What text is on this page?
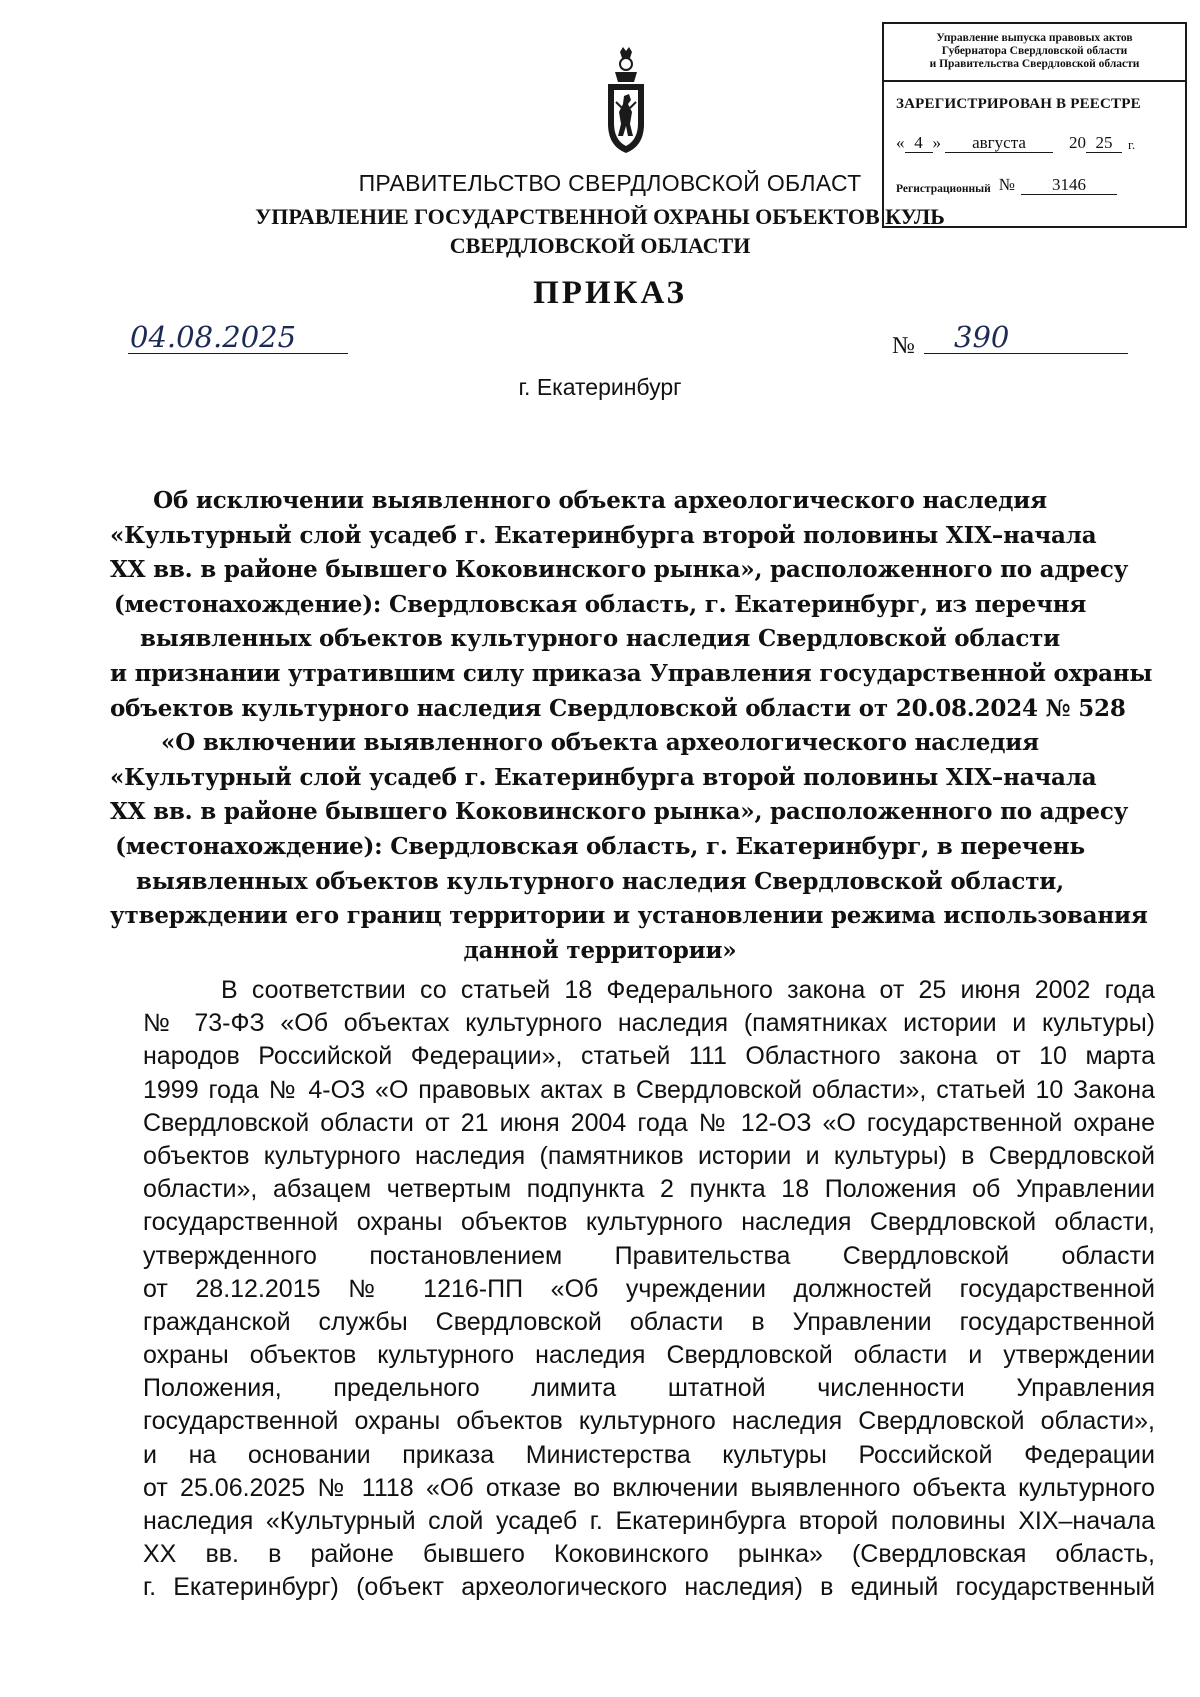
Управление выпуска правовых актов
Губернатора Свердловской области
и Правительства Свердловской области
ЗАРЕГИСТРИРОВАН В РЕЕСТРЕ
« 4 »	августа	20 25	г.
Регистрационный №	3146
ПРАВИТЕЛЬСТВО СВЕРДЛОВСКОЙ ОБЛАСТ
УПРАВЛЕНИЕ ГОСУДАРСТВЕННОЙ ОХРАНЫ ОБЪЕКТОВ КУЛЬ
СВЕРДЛОВСКОЙ ОБЛАСТИ
ПРИКАЗ
04.08.2025	№	390
г. Екатеринбург
Об исключении выявленного объекта археологического наследия
«Культурный слой усадеб г. Екатеринбурга второй половины XIX–начала
XX вв. в районе бывшего Коковинского рынка», расположенного по адресу
(местонахождение): Свердловская область, г. Екатеринбург, из перечня
выявленных объектов культурного наследия Свердловской области
и признании утратившим силу приказа Управления государственной охраны
объектов культурного наследия Свердловской области от 20.08.2024 № 528
«О включении выявленного объекта археологического наследия
«Культурный слой усадеб г. Екатеринбурга второй половины XIX–начала
XX вв. в районе бывшего Коковинского рынка», расположенного по адресу
(местонахождение): Свердловская область, г. Екатеринбург, в перечень
выявленных объектов культурного наследия Свердловской области,
утверждении его границ территории и установлении режима использования
данной территории»
В соответствии со статьей 18 Федерального закона от 25 июня 2002 года
№ 73-ФЗ «Об объектах культурного наследия (памятниках истории и культуры)
народов Российской Федерации», статьей 111 Областного закона от 10 марта
1999 года № 4-ОЗ «О правовых актах в Свердловской области», статьей 10 Закона
Свердловской области от 21 июня 2004 года № 12-ОЗ «О государственной охране
объектов культурного наследия (памятников истории и культуры) в Свердловской
области», абзацем четвертым подпункта 2 пункта 18 Положения об Управлении
государственной охраны объектов культурного наследия Свердловской области,
утвержденного постановлением Правительства Свердловской области
от 28.12.2015 № 1216-ПП «Об учреждении должностей государственной
гражданской службы Свердловской области в Управлении государственной
охраны объектов культурного наследия Свердловской области и утверждении
Положения, предельного лимита штатной численности Управления
государственной охраны объектов культурного наследия Свердловской области»,
и на основании приказа Министерства культуры Российской Федерации
от 25.06.2025 № 1118 «Об отказе во включении выявленного объекта культурного
наследия «Культурный слой усадеб г. Екатеринбурга второй половины XIX–начала
XX вв. в районе бывшего Коковинского рынка» (Свердловская область,
г. Екатеринбург) (объект археологического наследия) в единый государственный
